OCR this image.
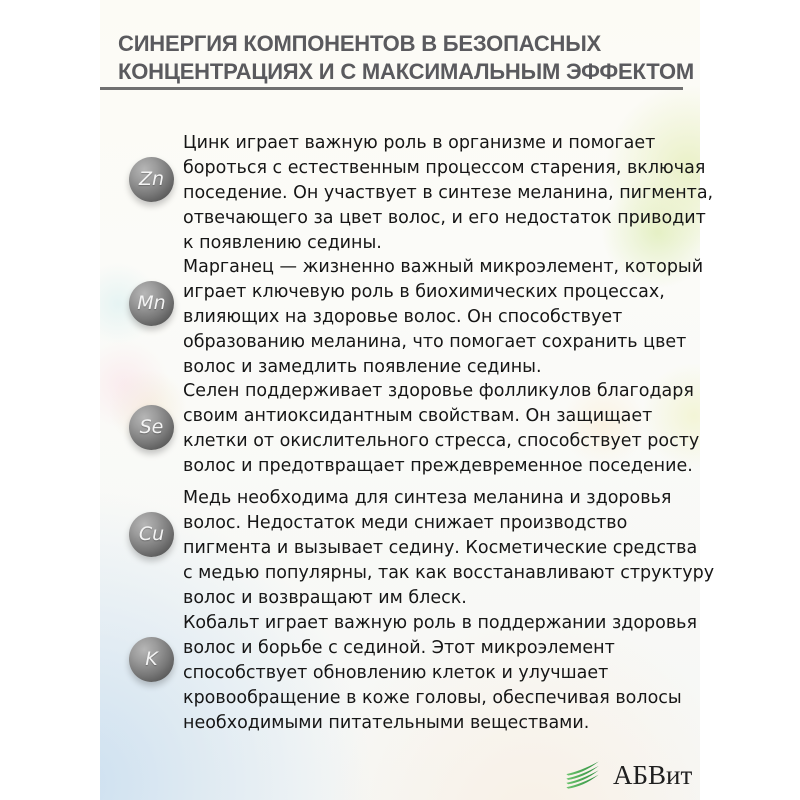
СИНЕРГИЯ КОМПОНЕНТОВ В БЕЗОПАСНЫХ
КОНЦЕНТРАЦИЯХ И С МАКСИМАЛЬНЫМ ЭФФЕКТОМ
Zn
Цинк играет важную роль в организме и помогает
бороться с естественным процессом старения, включая
поседение. Он участвует в синтезе меланина, пигмента,
отвечающего за цвет волос, и его недостаток приводит
к появлению седины.
Mn
Марганец — жизненно важный микроэлемент, который
играет ключевую роль в биохимических процессах,
влияющих на здоровье волос. Он способствует
образованию меланина, что помогает сохранить цвет
волос и замедлить появление седины.
Se
Селен поддерживает здоровье фолликулов благодаря
своим антиоксидантным свойствам. Он защищает
клетки от окислительного стресса, способствует росту
волос и предотвращает преждевременное поседение.
Cu
Медь необходима для синтеза меланина и здоровья
волос. Недостаток меди снижает производство
пигмента и вызывает седину. Косметические средства
с медью популярны, так как восстанавливают структуру
волос и возвращают им блеск.
K
Кобальт играет важную роль в поддержании здоровья
волос и борьбе с сединой. Этот микроэлемент
способствует обновлению клеток и улучшает
кровообращение в коже головы, обеспечивая волосы
необходимыми питательными веществами.
АБВит
